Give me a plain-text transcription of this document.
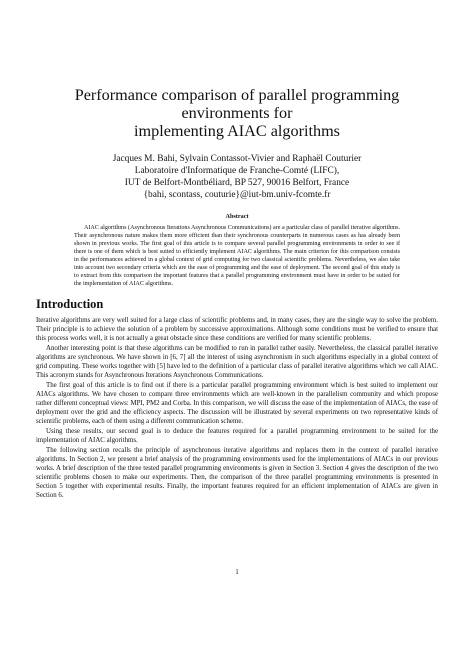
Performance comparison of parallel programming environments for
implementing AIAC algorithms
Jacques M. Bahi, Sylvain Contassot-Vivier and Raphaël Couturier
Laboratoire d'Informatique de Franche-Comté (LIFC),
IUT de Belfort-Montbéliard, BP 527, 90016 Belfort, France
{bahi, scontass, couturie}@iut-bm.univ-fcomte.fr
Abstract

AIAC algorithms (Asynchronous Iterations Asynchronous Communications) are a particular class of parallel iterative algorithms. Their asynchronous nature makes them more efficient than their synchronous counterparts in numerous cases as has already been shown in previous works. The first goal of this article is to compare several parallel programming environments in order to see if there is one of them which is best suited to efficiently implement AIAC algorithms. The main criterion for this comparison consists in the performances achieved in a global context of grid computing for two classical scientific problems. Nevertheless, we also take into account two secondary criteria which are the ease of programming and the ease of deployment. The second goal of this study is to extract from this comparison the important features that a parallel programming environment must have in order to be suited for the implementation of AIAC algorithms.

Introduction

Iterative algorithms are very well suited for a large class of scientific problems and, in many cases, they are the single way to solve the problem. Their principle is to achieve the solution of a problem by successive approximations. Although some conditions must be verified to ensure that this process works well, it is not actually a great obstacle since these conditions are verified for many scientific problems.

Another interesting point is that these algorithms can be modified to run in parallel rather easily. Nevertheless, the classical parallel iterative algorithms are synchronous. We have shown in [6, 7] all the interest of using asynchronism in such algorithms especially in a global context of grid computing. These works together with [5] have led to the definition of a particular class of parallel iterative algorithms which we call AIAC. This acronym stands for Asynchronous Iterations Asynchronous Communications.

The first goal of this article is to find out if there is a particular parallel programming environment which is best suited to implement our AIACs algorithms. We have chosen to compare three environments which are well-known in the parallelism community and which propose rather different conceptual views: MPI, PM2 and Corba. In this comparison, we will discuss the ease of the implementation of AIACs, the ease of deployment over the grid and the efficiency aspects. The discussion will be illustrated by several experiments on two representative kinds of scientific problems, each of them using a different communication scheme.

Using these results, our second goal is to deduce the features required for a parallel programming environment to be suited for the implementation of AIAC algorithms.

The following section recalls the principle of asynchronous iterative algorithms and replaces them in the context of parallel iterative algorithms. In Section 2, we present a brief analysis of the programming environments used for the implementations of AIACs in our previous works. A brief description of the three tested parallel programming environments is given in Section 3. Section 4 gives the description of the two scientific problems chosen to make our experiments. Then, the comparison of the three parallel programming environments is presented in Section 5 together with experimental results. Finally, the important features required for an efficient implementation of AIACs are given in Section 6.

1
